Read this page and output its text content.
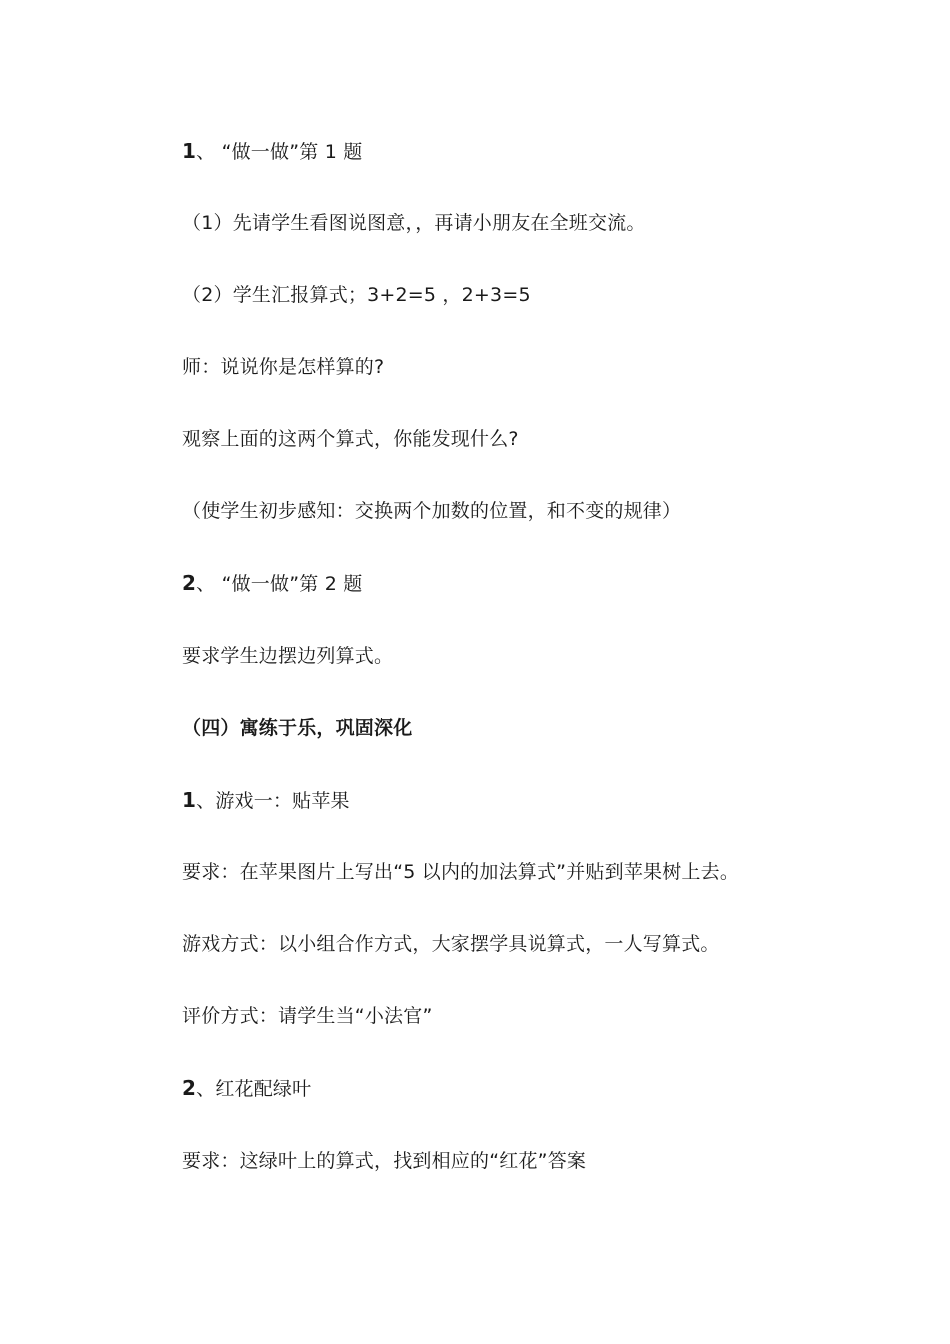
1、 “做一做”第 1 题
（1）先请学生看图说图意，，再请小朋友在全班交流。
（2）学生汇报算式；3+2=5 ，2+3=5
师：说说你是怎样算的?
观察上面的这两个算式，你能发现什么?
（使学生初步感知：交换两个加数的位置，和不变的规律）
2、 “做一做”第 2 题
要求学生边摆边列算式。
（四）寓练于乐，巩固深化
1、游戏一：贴苹果
要求：在苹果图片上写出“5 以内的加法算式”并贴到苹果树上去。
游戏方式：以小组合作方式，大家摆学具说算式，一人写算式。
评价方式：请学生当“小法官”
2、红花配绿叶
要求：这绿叶上的算式，找到相应的“红花”答案
